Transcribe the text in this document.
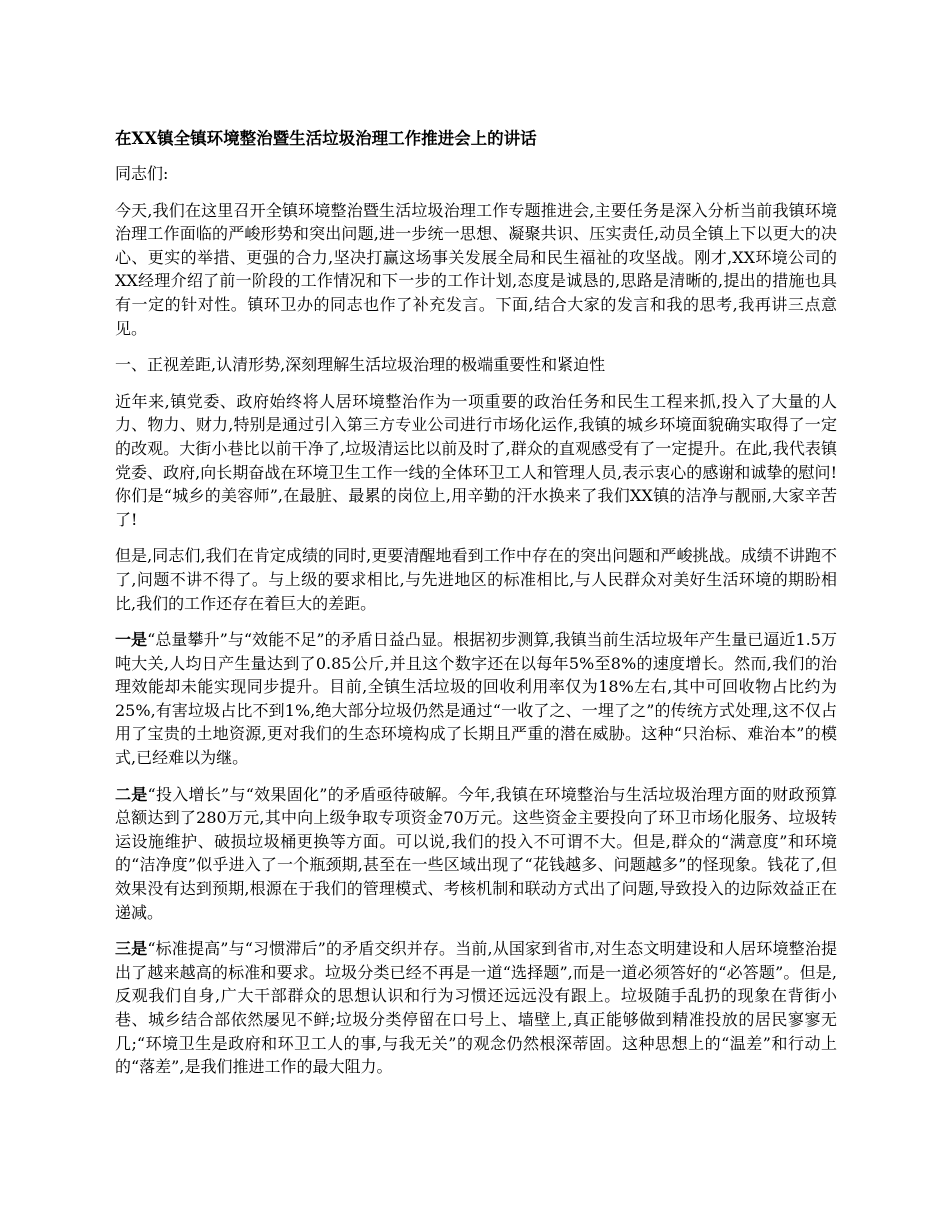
在XX镇全镇环境整治暨生活垃圾治理工作推进会上的讲话

同志们:

今天,我们在这里召开全镇环境整治暨生活垃圾治理工作专题推进会,主要任务是深入分析当前我镇环境治理工作面临的严峻形势和突出问题,进一步统一思想、凝聚共识、压实责任,动员全镇上下以更大的决心、更实的举措、更强的合力,坚决打赢这场事关发展全局和民生福祉的攻坚战。刚才,XX环境公司的XX经理介绍了前一阶段的工作情况和下一步的工作计划,态度是诚恳的,思路是清晰的,提出的措施也具有一定的针对性。镇环卫办的同志也作了补充发言。下面,结合大家的发言和我的思考,我再讲三点意见。

一、正视差距,认清形势,深刻理解生活垃圾治理的极端重要性和紧迫性

近年来,镇党委、政府始终将人居环境整治作为一项重要的政治任务和民生工程来抓,投入了大量的人力、物力、财力,特别是通过引入第三方专业公司进行市场化运作,我镇的城乡环境面貌确实取得了一定的改观。大街小巷比以前干净了,垃圾清运比以前及时了,群众的直观感受有了一定提升。在此,我代表镇党委、政府,向长期奋战在环境卫生工作一线的全体环卫工人和管理人员,表示衷心的感谢和诚挚的慰问!你们是“城乡的美容师”,在最脏、最累的岗位上,用辛勤的汗水换来了我们XX镇的洁净与靓丽,大家辛苦了!

但是,同志们,我们在肯定成绩的同时,更要清醒地看到工作中存在的突出问题和严峻挑战。成绩不讲跑不了,问题不讲不得了。与上级的要求相比,与先进地区的标准相比,与人民群众对美好生活环境的期盼相比,我们的工作还存在着巨大的差距。

一是“总量攀升”与“效能不足”的矛盾日益凸显。根据初步测算,我镇当前生活垃圾年产生量已逼近1.5万吨大关,人均日产生量达到了0.85公斤,并且这个数字还在以每年5%至8%的速度增长。然而,我们的治理效能却未能实现同步提升。目前,全镇生活垃圾的回收利用率仅为18%左右,其中可回收物占比约为25%,有害垃圾占比不到1%,绝大部分垃圾仍然是通过“一收了之、一埋了之”的传统方式处理,这不仅占用了宝贵的土地资源,更对我们的生态环境构成了长期且严重的潜在威胁。这种“只治标、难治本”的模式,已经难以为继。

二是“投入增长”与“效果固化”的矛盾亟待破解。今年,我镇在环境整治与生活垃圾治理方面的财政预算总额达到了280万元,其中向上级争取专项资金70万元。这些资金主要投向了环卫市场化服务、垃圾转运设施维护、破损垃圾桶更换等方面。可以说,我们的投入不可谓不大。但是,群众的“满意度”和环境的“洁净度”似乎进入了一个瓶颈期,甚至在一些区域出现了“花钱越多、问题越多”的怪现象。钱花了,但效果没有达到预期,根源在于我们的管理模式、考核机制和联动方式出了问题,导致投入的边际效益正在递减。

三是“标准提高”与“习惯滞后”的矛盾交织并存。当前,从国家到省市,对生态文明建设和人居环境整治提出了越来越高的标准和要求。垃圾分类已经不再是一道“选择题”,而是一道必须答好的“必答题”。但是,反观我们自身,广大干部群众的思想认识和行为习惯还远远没有跟上。垃圾随手乱扔的现象在背街小巷、城乡结合部依然屡见不鲜;垃圾分类停留在口号上、墙壁上,真正能够做到精准投放的居民寥寥无几;“环境卫生是政府和环卫工人的事,与我无关”的观念仍然根深蒂固。这种思想上的“温差”和行动上的“落差”,是我们推进工作的最大阻力。
